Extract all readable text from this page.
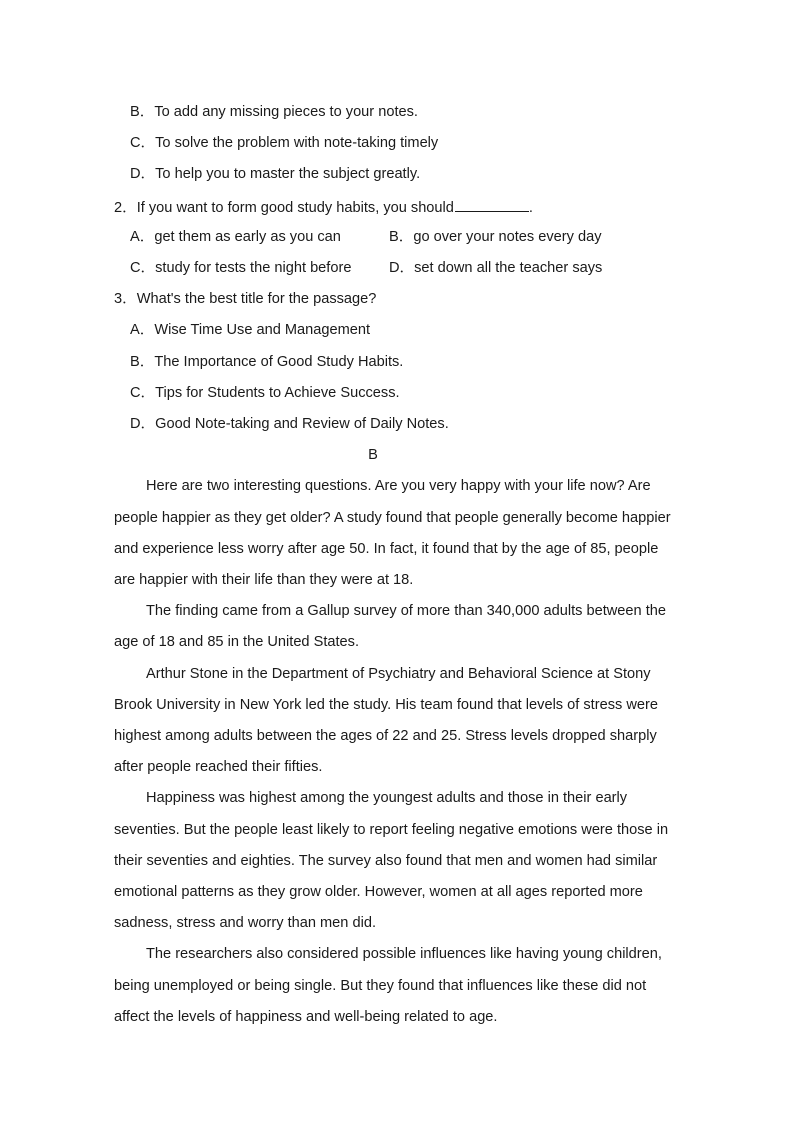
B．To add any missing pieces to your notes.
C．To solve the problem with note-taking timely
D．To help you to master the subject greatly.
2．If you want to form good study habits, you should	.
A．get them as early as you can	B．go over your notes every day
C．study for tests the night before	D．set down all the teacher says
3．What's the best title for the passage?
A．Wise Time Use and Management
B．The Importance of Good Study Habits.
C．Tips for Students to Achieve Success.
D．Good Note-taking and Review of Daily Notes.
B
Here are two interesting questions. Are you very happy with your life now? Are
people happier as they get older? A study found that people generally become happier
and experience less worry after age 50. In fact, it found that by the age of 85, people
are happier with their life than they were at 18.
The finding came from a Gallup survey of more than 340,000 adults between the
age of 18 and 85 in the United States.
Arthur Stone in the Department of Psychiatry and Behavioral Science at Stony
Brook University in New York led the study. His team found that levels of stress were
highest among adults between the ages of 22 and 25. Stress levels dropped sharply
after people reached their fifties.
Happiness was highest among the youngest adults and those in their early
seventies. But the people least likely to report feeling negative emotions were those in
their seventies and eighties. The survey also found that men and women had similar
emotional patterns as they grow older. However, women at all ages reported more
sadness, stress and worry than men did.
The researchers also considered possible influences like having young children,
being unemployed or being single. But they found that influences like these did not
affect the levels of happiness and well-being related to age.
